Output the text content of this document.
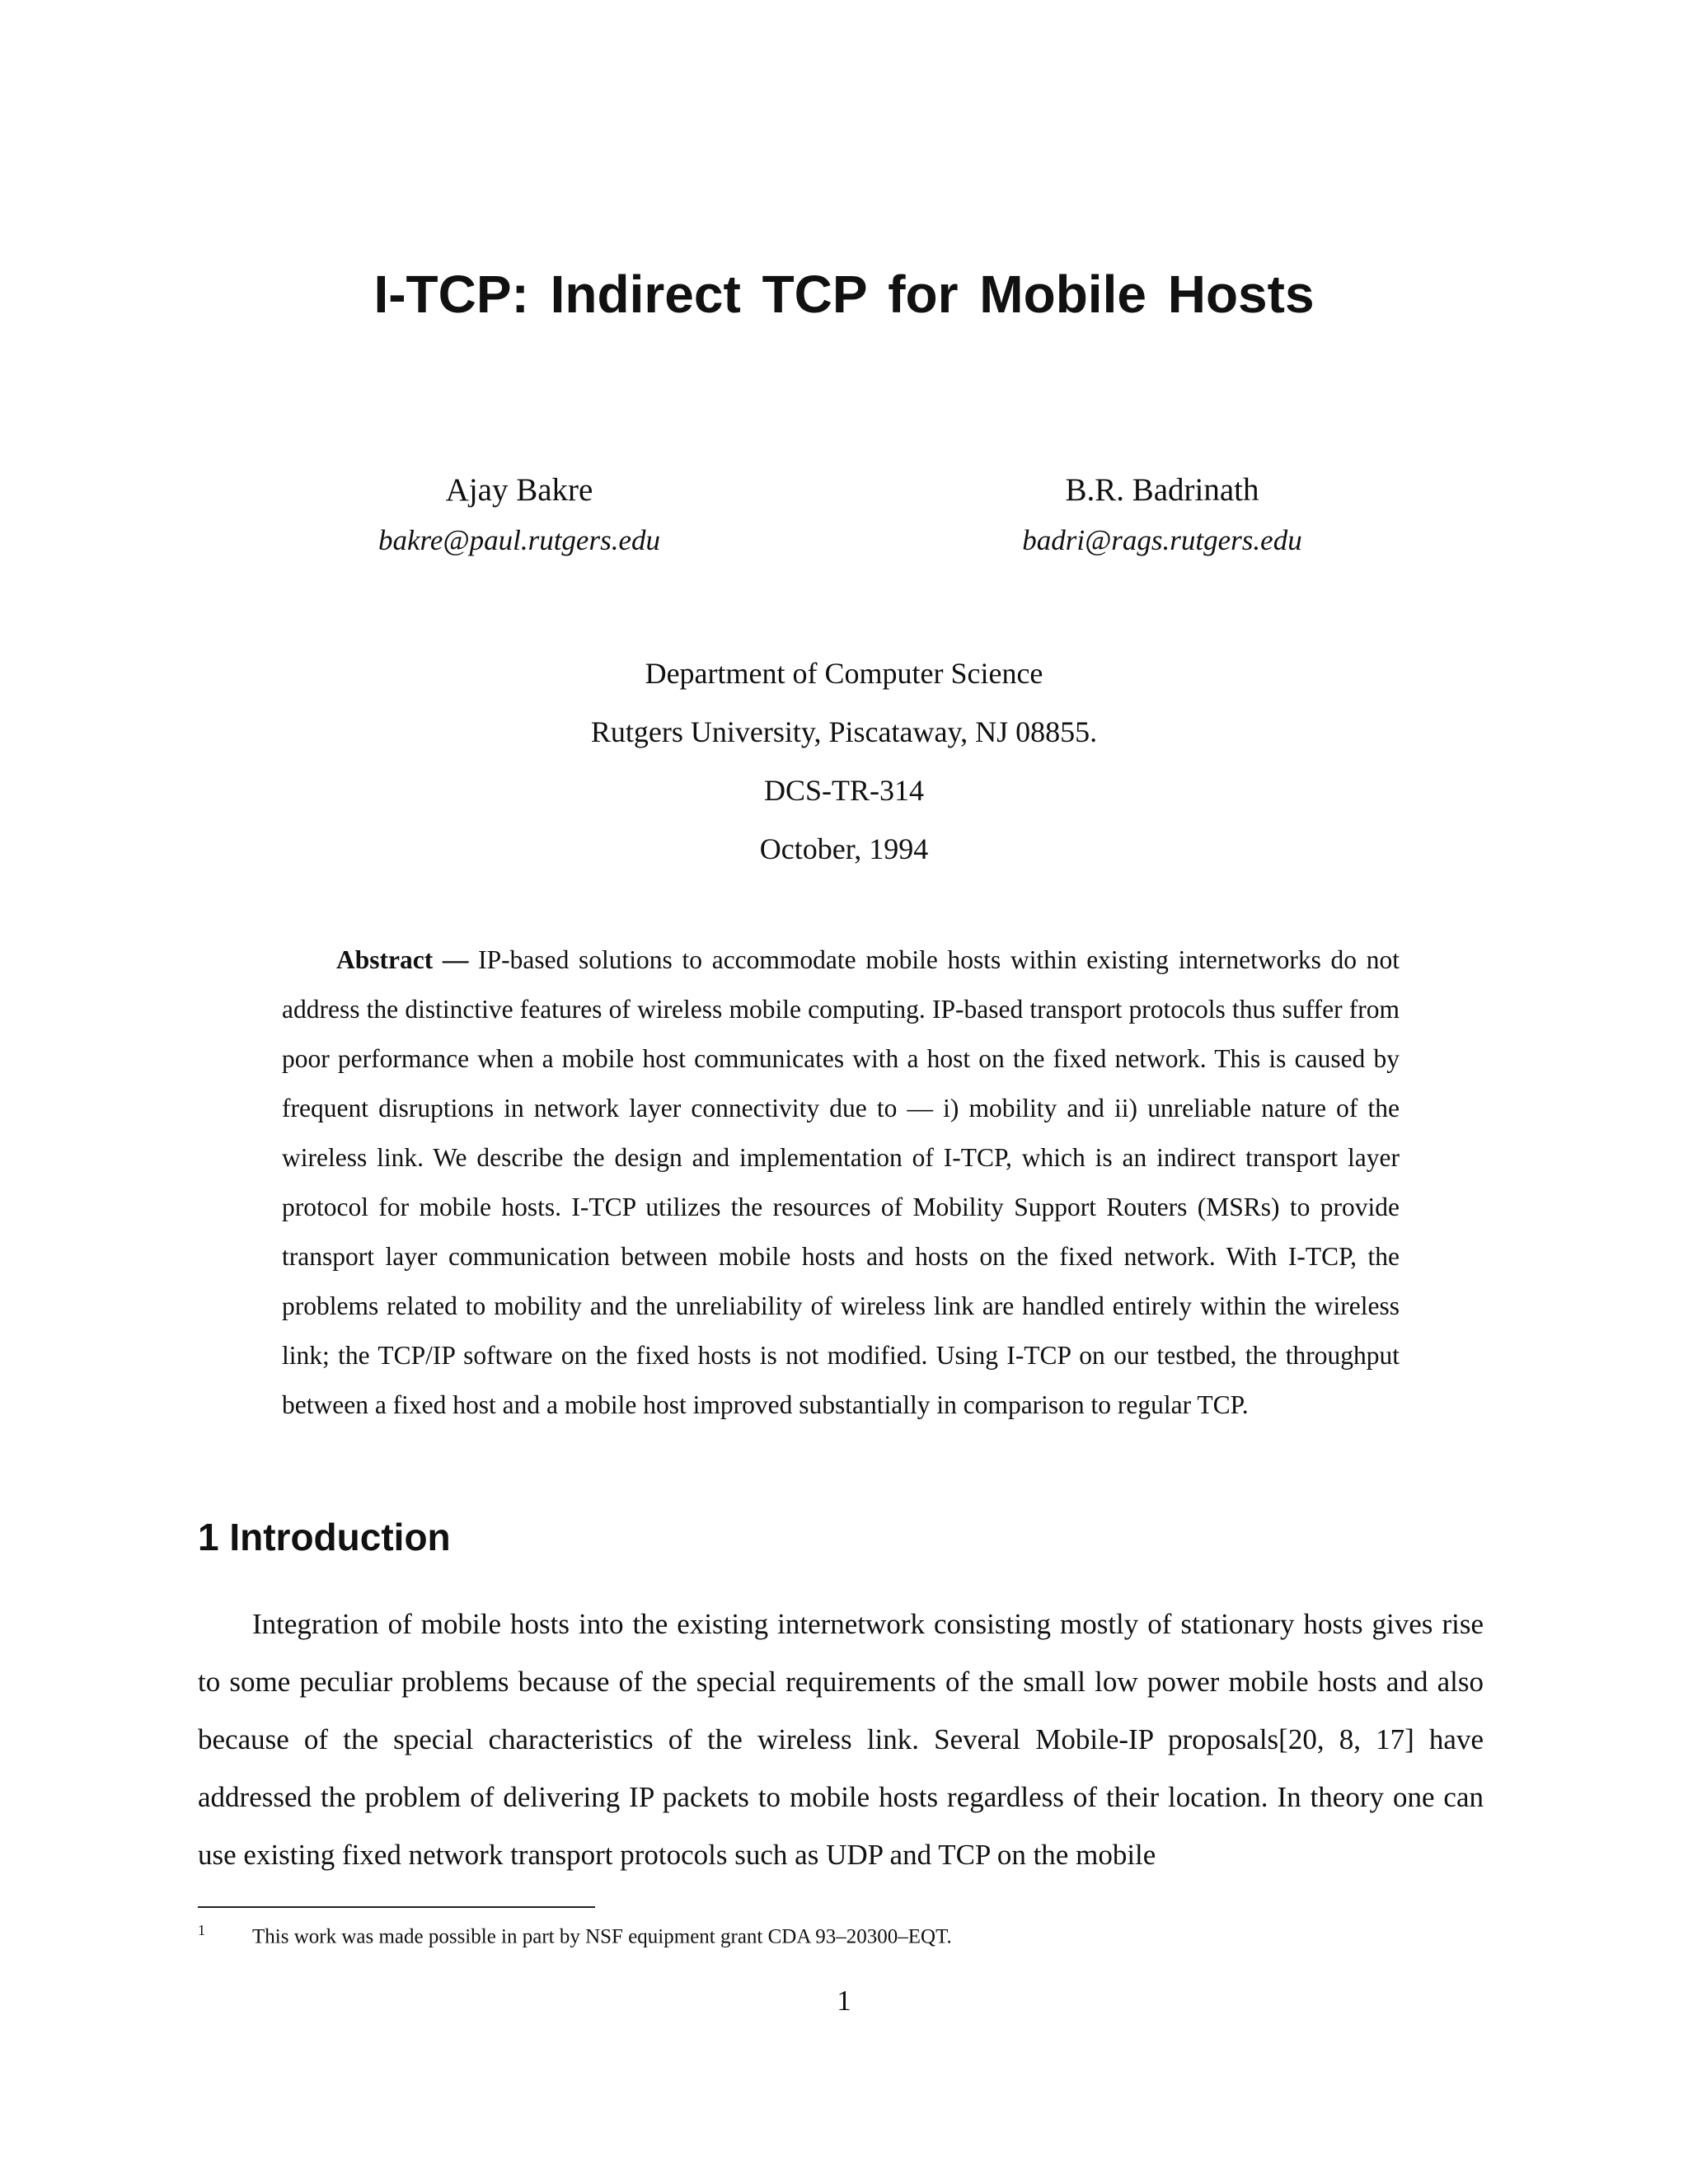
I-TCP: Indirect TCP for Mobile Hosts
Ajay Bakre
bakre@paul.rutgers.edu
B.R. Badrinath
badri@rags.rutgers.edu
Department of Computer Science
Rutgers University, Piscataway, NJ 08855.
DCS-TR-314
October, 1994

Abstract — IP-based solutions to accommodate mobile hosts within existing internetworks do not address the distinctive features of wireless mobile computing. IP-based transport protocols thus suffer from poor performance when a mobile host communicates with a host on the fixed network. This is caused by frequent disruptions in network layer connectivity due to — i) mobility and ii) unreliable nature of the wireless link. We describe the design and implementation of I-TCP, which is an indirect transport layer protocol for mobile hosts. I-TCP utilizes the resources of Mobility Support Routers (MSRs) to provide transport layer communication between mobile hosts and hosts on the fixed network. With I-TCP, the problems related to mobility and the unreliability of wireless link are handled entirely within the wireless link; the TCP/IP software on the fixed hosts is not modified. Using I-TCP on our testbed, the throughput between a fixed host and a mobile host improved substantially in comparison to regular TCP.

1 Introduction

Integration of mobile hosts into the existing internetwork consisting mostly of stationary hosts gives rise to some peculiar problems because of the special requirements of the small low power mobile hosts and also because of the special characteristics of the wireless link. Several Mobile-IP proposals[20, 8, 17] have addressed the problem of delivering IP packets to mobile hosts regardless of their location. In theory one can use existing fixed network transport protocols such as UDP and TCP on the mobile

1 This work was made possible in part by NSF equipment grant CDA 93–20300–EQT.
1
